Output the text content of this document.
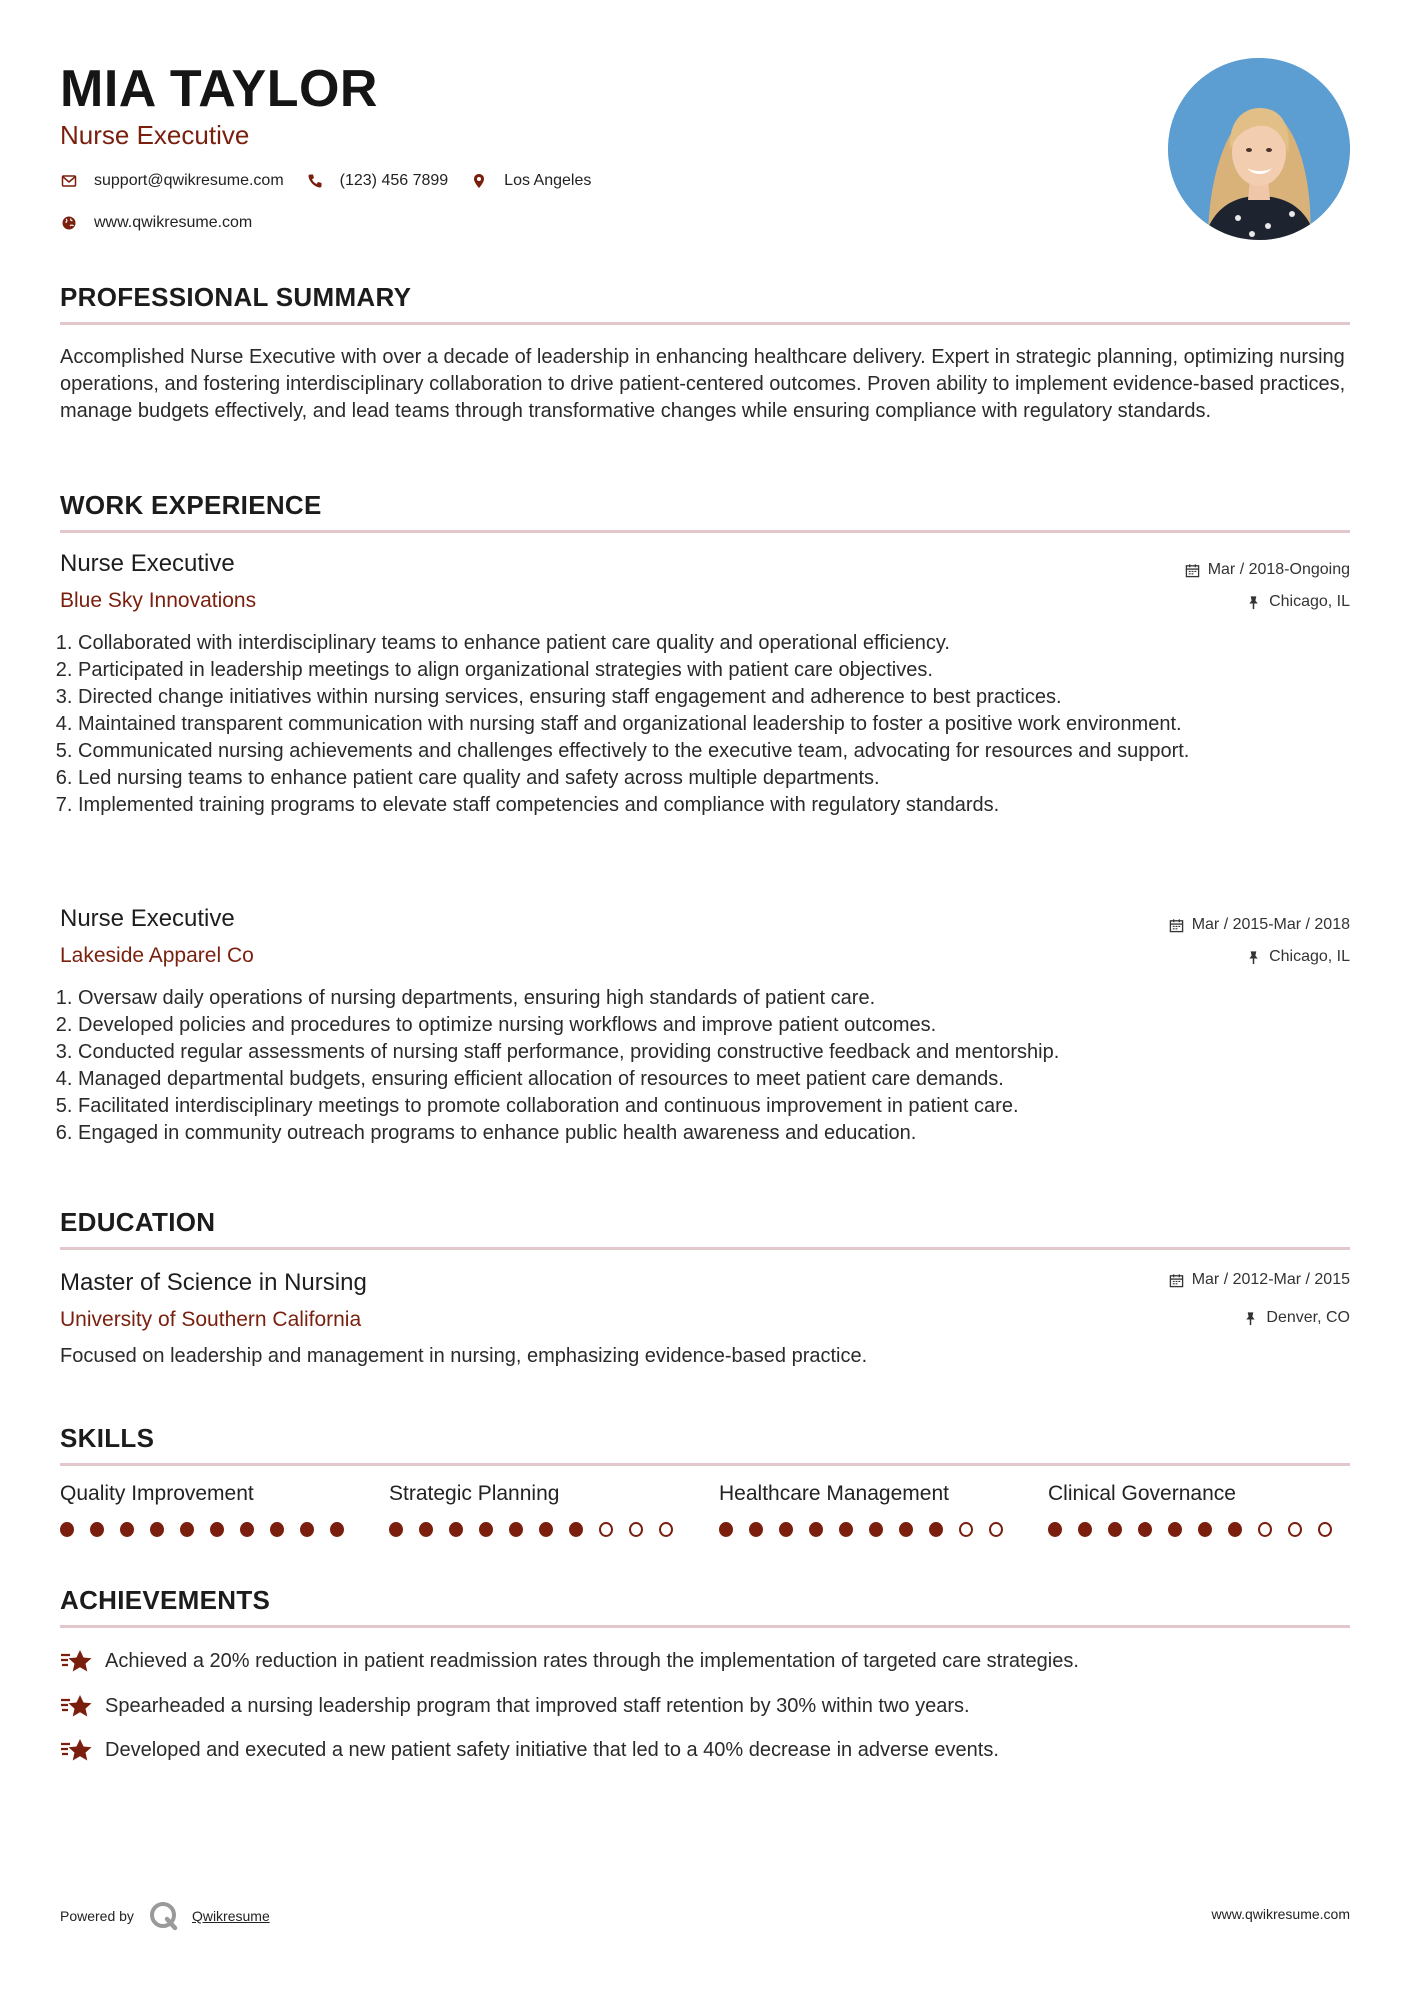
MIA TAYLOR
Nurse Executive
support@qwikresume.com	(123) 456 7899	Los Angeles
www.qwikresume.com
PROFESSIONAL SUMMARY

Accomplished Nurse Executive with over a decade of leadership in enhancing healthcare delivery. Expert in strategic planning, optimizing nursing operations, and fostering interdisciplinary collaboration to drive patient-centered outcomes. Proven ability to implement evidence-based practices, manage budgets effectively, and lead teams through transformative changes while ensuring compliance with regulatory standards.

WORK EXPERIENCE
Nurse Executive
Blue Sky Innovations
Mar / 2018-Ongoing
Chicago, IL
1. Collaborated with interdisciplinary teams to enhance patient care quality and operational efficiency.
2. Participated in leadership meetings to align organizational strategies with patient care objectives.
3. Directed change initiatives within nursing services, ensuring staff engagement and adherence to best practices.
4. Maintained transparent communication with nursing staff and organizational leadership to foster a positive work environment.
5. Communicated nursing achievements and challenges effectively to the executive team, advocating for resources and support.
6. Led nursing teams to enhance patient care quality and safety across multiple departments.
7. Implemented training programs to elevate staff competencies and compliance with regulatory standards.
Nurse Executive
Lakeside Apparel Co
Mar / 2015-Mar / 2018
Chicago, IL
1. Oversaw daily operations of nursing departments, ensuring high standards of patient care.
2. Developed policies and procedures to optimize nursing workflows and improve patient outcomes.
3. Conducted regular assessments of nursing staff performance, providing constructive feedback and mentorship.
4. Managed departmental budgets, ensuring efficient allocation of resources to meet patient care demands.
5. Facilitated interdisciplinary meetings to promote collaboration and continuous improvement in patient care.
6. Engaged in community outreach programs to enhance public health awareness and education.
EDUCATION
Master of Science in Nursing
University of Southern California
Mar / 2012-Mar / 2015
Denver, CO

Focused on leadership and management in nursing, emphasizing evidence-based practice.

SKILLS
Quality Improvement	Strategic Planning	Healthcare Management	Clinical Governance
ACHIEVEMENTS
Achieved a 20% reduction in patient readmission rates through the implementation of targeted care strategies.
Spearheaded a nursing leadership program that improved staff retention by 30% within two years.
Developed and executed a new patient safety initiative that led to a 40% decrease in adverse events.
Powered by	Qwikresume	www.qwikresume.com
